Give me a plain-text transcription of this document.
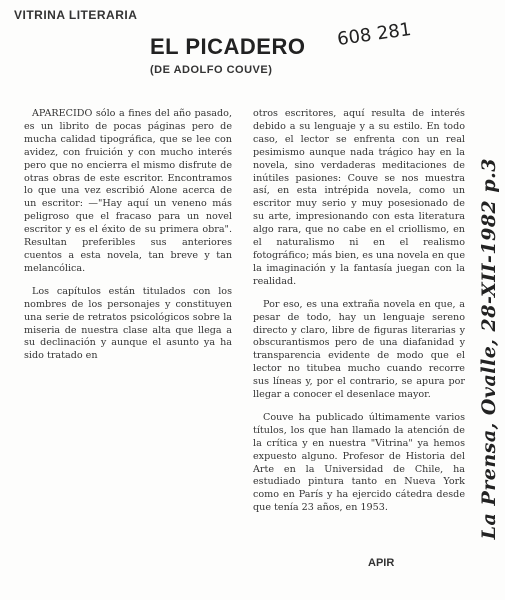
VITRINA LITERARIA
608 281
EL PICADERO
(DE ADOLFO COUVE)

APARECIDO sólo a fines del año pasado, es un librito de pocas páginas pero de mucha calidad tipográfica, que se lee con avidez, con fruición y con mucho interés pero que no encierra el mismo disfrute de otras obras de este escritor. Encontramos lo que una vez escribió Alone acerca de un escritor: —"Hay aquí un veneno más peligroso que el fracaso para un novel escritor y es el éxito de su primera obra". Resultan preferibles sus anteriores cuentos a esta novela, tan breve y tan melancólica.

Los capítulos están titulados con los nombres de los personajes y constituyen una serie de retratos psicológicos sobre la miseria de nuestra clase alta que llega a su declinación y aunque el asunto ya ha sido tratado en

otros escritores, aquí resulta de interés debido a su lenguaje y a su estilo. En todo caso, el lector se enfrenta con un real pesimismo aunque nada trágico hay en la novela, sino verdaderas meditaciones de inútiles pasiones: Couve se nos muestra así, en esta intrépida novela, como un escritor muy serio y muy posesionado de su arte, impresionando con esta literatura algo rara, que no cabe en el criollismo, en el naturalismo ni en el realismo fotográfico; más bien, es una novela en que la imaginación y la fantasía juegan con la realidad.

Por eso, es una extraña novela en que, a pesar de todo, hay un lenguaje sereno directo y claro, libre de figuras literarias y obscurantismos pero de una diafanidad y transparencia evidente de modo que el lector no titubea mucho cuando recorre sus líneas y, por el contrario, se apura por llegar a conocer el desenlace mayor.

Couve ha publicado últimamente varios títulos, los que han llamado la atención de la crítica y en nuestra "Vitrina" ya hemos expuesto alguno. Profesor de Historia del Arte en la Universidad de Chile, ha estudiado pintura tanto en Nueva York como en París y ha ejercido cátedra desde que tenía 23 años, en 1953.

APIR
La Prensa, Ovalle, 28-XII-1982 p.3
